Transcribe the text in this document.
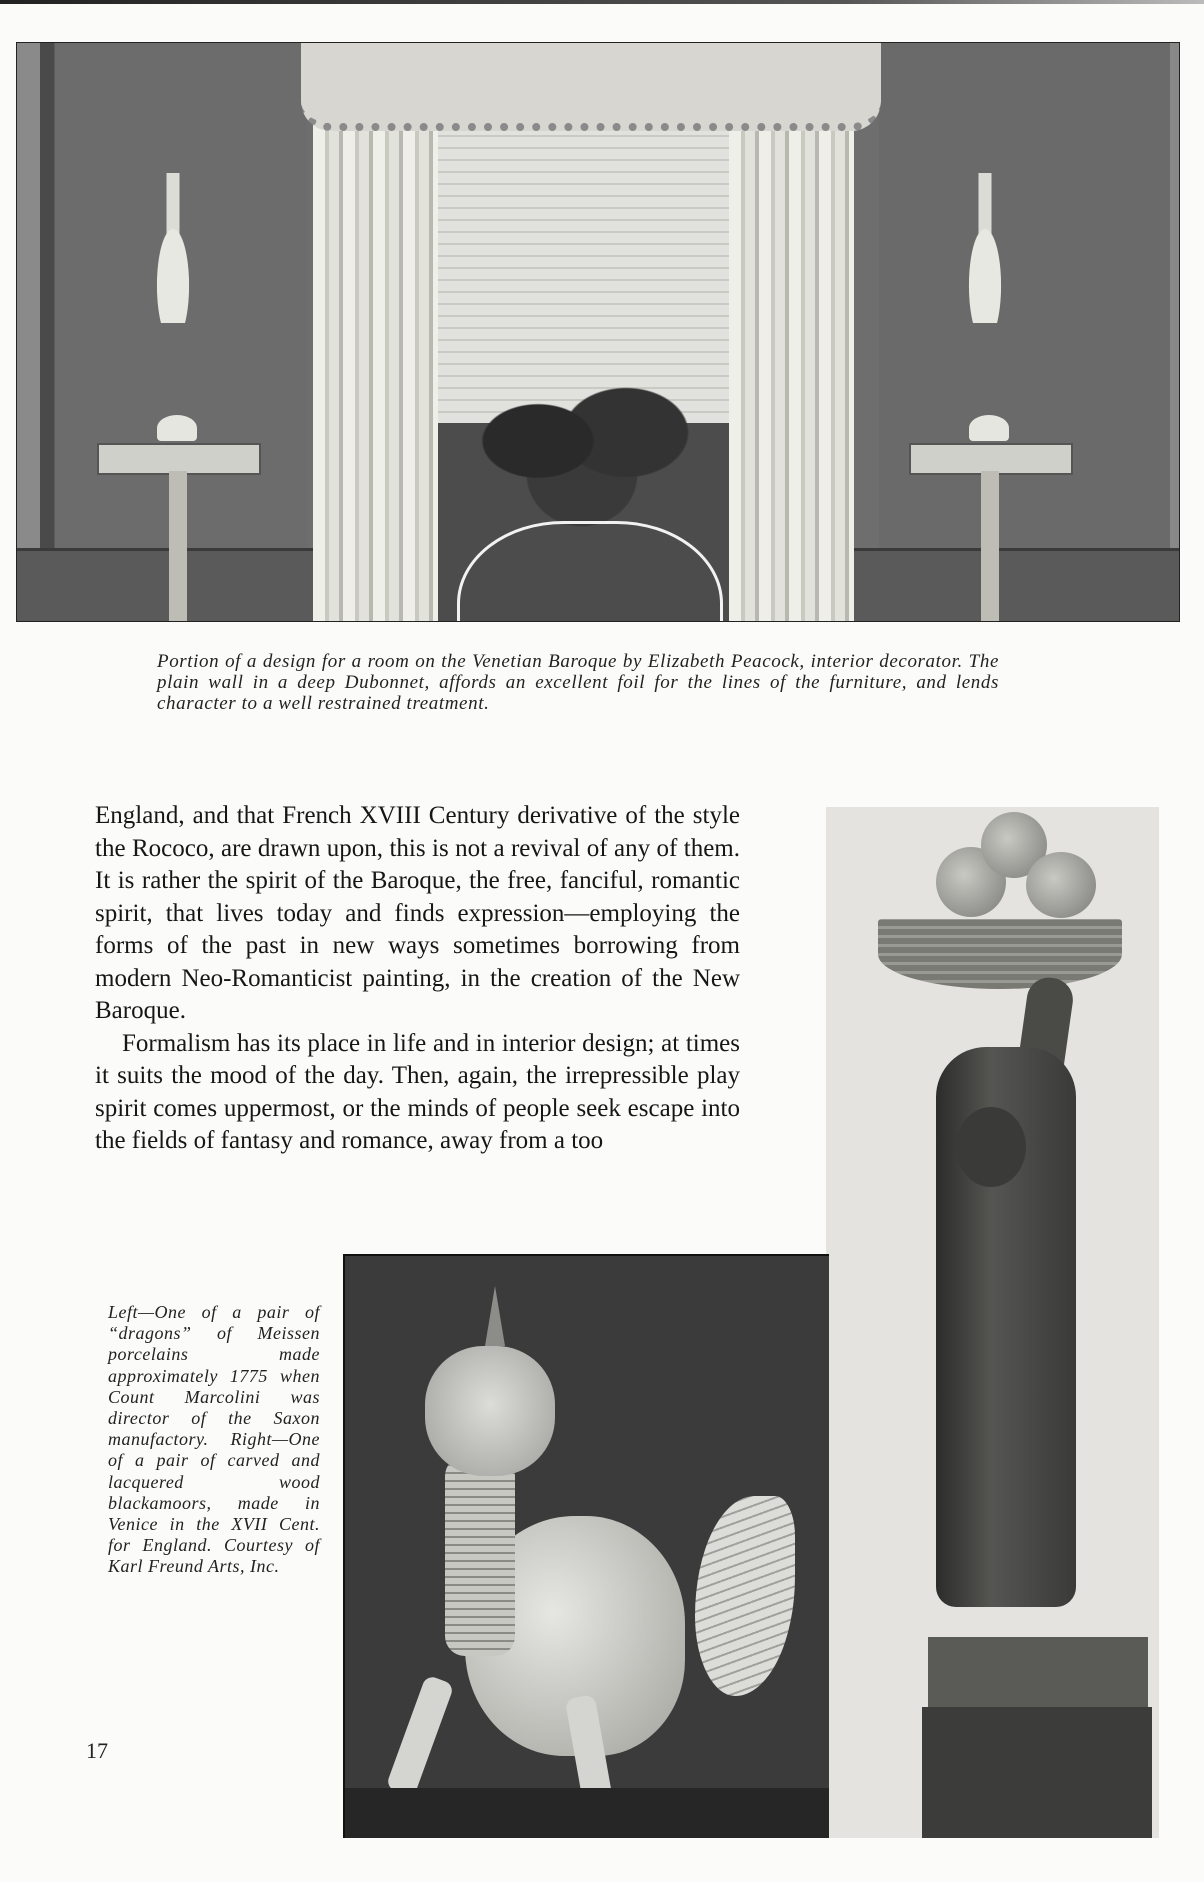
Portion of a design for a room on the Venetian Baroque by Elizabeth Peacock, interior decorator. The plain wall in a deep Dubonnet, affords an excellent foil for the lines of the furniture, and lends character to a well restrained treatment.

England, and that French XVIII Century derivative of the style the Rococo, are drawn upon, this is not a revival of any of them. It is rather the spirit of the Baroque, the free, fanciful, romantic spirit, that lives today and finds expression—employing the forms of the past in new ways sometimes borrowing from modern Neo-Romanticist painting, in the creation of the New Baroque.

Formalism has its place in life and in interior design; at times it suits the mood of the day. Then, again, the irrepressible play spirit comes uppermost, or the minds of people seek escape into the fields of fantasy and romance, away from a too

Left—One of a pair of “dragons” of Meissen porcelains made approximately 1775 when Count Marcolini was director of the Saxon manufactory. Right—One of a pair of carved and lacquered wood blackamoors, made in Venice in the XVII Cent. for England. Courtesy of Karl Freund Arts, Inc.
17
